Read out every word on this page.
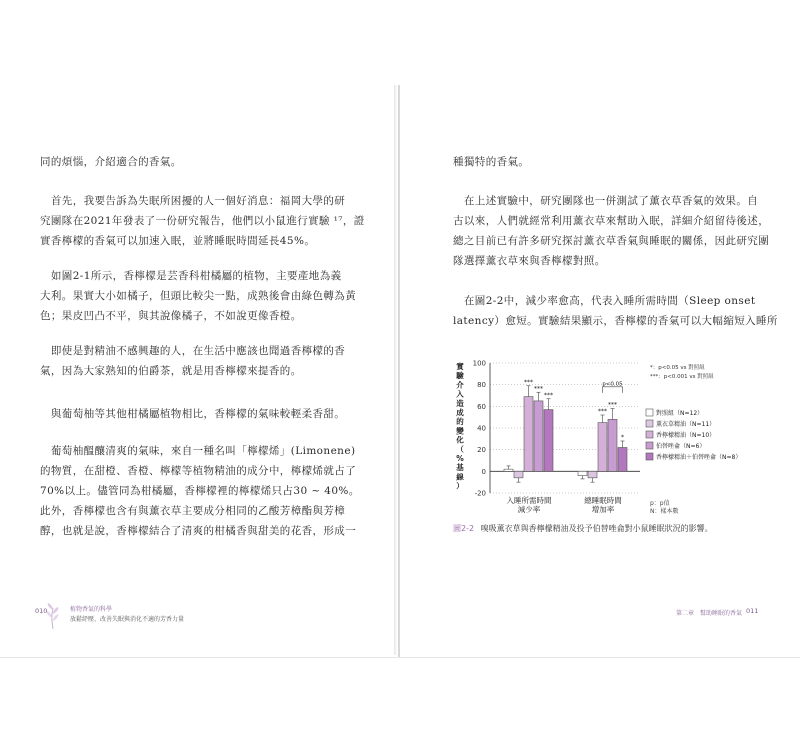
同的煩惱，介紹適合的香氣。
　首先，我要告訴為失眠所困擾的人一個好消息：福岡大學的研
究團隊在2021年發表了一份研究報告，他們以小鼠進行實驗 ¹⁷，證
實香檸檬的香氣可以加速入眠，並將睡眠時間延長45%。
　如圖2-1所示，香檸檬是芸香科柑橘屬的植物，主要產地為義
大利。果實大小如橘子，但頭比較尖一點，成熟後會由綠色轉為黃
色；果皮凹凸不平，與其說像橘子，不如說更像香橙。
　即使是對精油不感興趣的人，在生活中應該也聞過香檸檬的香
氣，因為大家熟知的伯爵茶，就是用香檸檬來提香的。
　與葡萄柚等其他柑橘屬植物相比，香檸檬的氣味較輕柔香甜。
　葡萄柚醞釀清爽的氣味，來自一種名叫「檸檬烯」(Limonene)
的物質，在甜橙、香橙、檸檬等植物精油的成分中，檸檬烯就占了
70%以上。儘管同為柑橘屬，香檸檬裡的檸檬烯只占30 ~ 40%。
此外，香檸檬也含有與薰衣草主要成分相同的乙酸芳樟酯與芳樟
醇，也就是說，香檸檬結合了清爽的柑橘香與甜美的花香，形成一
010	植物香氣的科學
放鬆紓壓、改善失眠與消化不適的芳香力量
種獨特的香氣。
　在上述實驗中，研究團隊也一併測試了薰衣草香氣的效果。自
古以來，人們就經常利用薰衣草來幫助入眠，詳細介紹留待後述，
總之目前已有許多研究探討薰衣草香氣與睡眠的關係，因此研究團
隊選擇薰衣草來與香檸檬對照。
　在圖2-2中，減少率愈高，代表入睡所需時間（Sleep onset
latency）愈短。實驗結果顯示，香檸檬的香氣可以大幅縮短入睡所
-20
0
20
40
60
80
100
實
驗
介
入
造
成
的
變
化
（
%
基
線
）
入睡所需時間
減少率
總睡眠時間
增加率
*：p<0.05 vs 對照組
***：p<0.001 vs 對照組
對照組（N=12）
薰衣草精油（N=11）
香檸檬精油（N=10）
伯替唑侖（N=6）
香檸檬精油＋伯替唑侖（N=8）
p：p值
N：樣本數
***
***
***
***
***
*
p<0.05
圖2-2 嗅吸薰衣草與香檸檬精油及投予伯替唑侖對小鼠睡眠狀況的影響。
第二章　幫助睡眠的香氣 011
